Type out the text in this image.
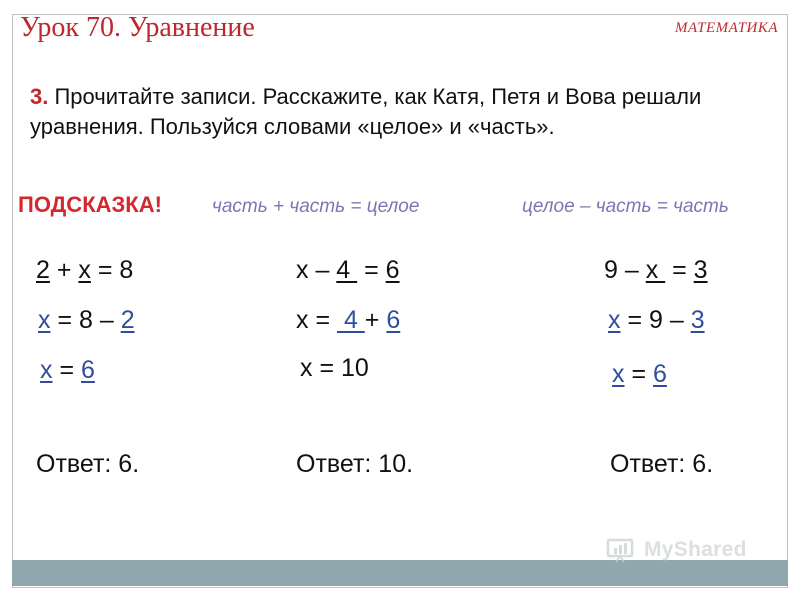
Урок 70. Уравнение	МАТЕМАТИКА
3. Прочитайте записи. Расскажите, как Катя, Петя и Вова решали уравнения. Пользуйся словами «целое» и «часть».
ПОДСКАЗКА!	часть + часть = целое	целое – часть = часть
2 + x = 8
x = 8 – 2
x = 6
Ответ: 6.
x – 4  = 6
x =  4 + 6
x = 10
Ответ: 10.
9 – x  = 3
x = 9 – 3
x = 6
Ответ: 6.
MyShared
